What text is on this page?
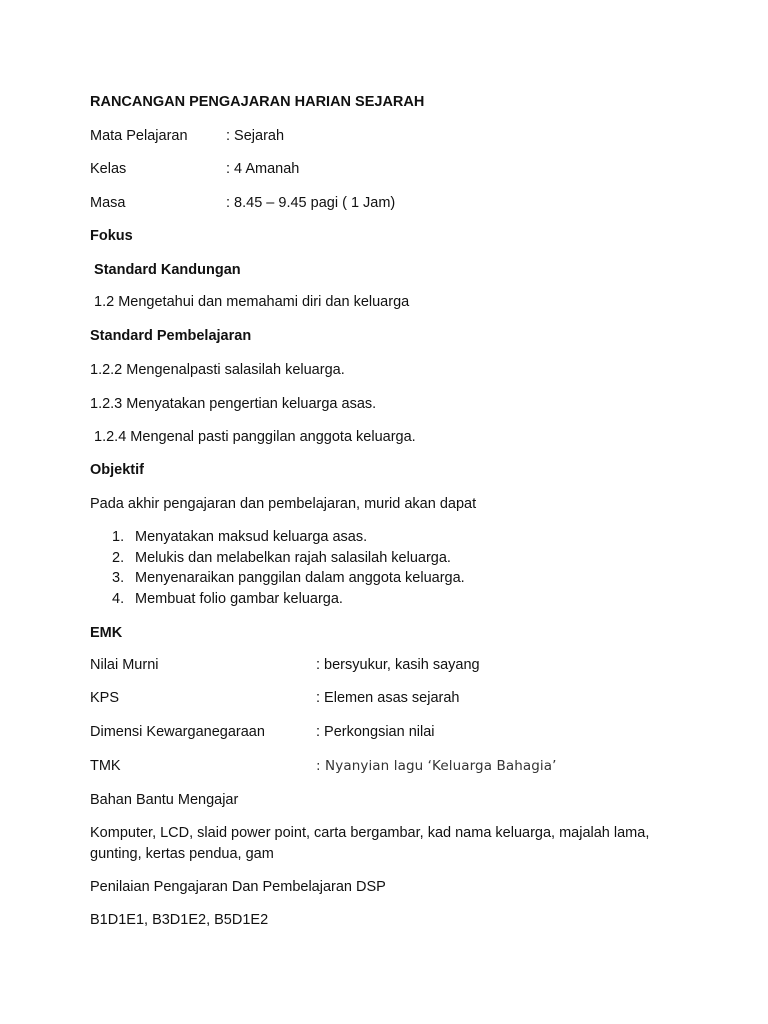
RANCANGAN PENGAJARAN HARIAN SEJARAH
Mata Pelajaran	: Sejarah
Kelas	: 4 Amanah
Masa	: 8.45 – 9.45 pagi ( 1 Jam)
Fokus
Standard Kandungan
1.2 Mengetahui dan memahami diri dan keluarga
Standard Pembelajaran
1.2.2 Mengenalpasti salasilah keluarga.
1.2.3 Menyatakan pengertian keluarga asas.
1.2.4 Mengenal pasti panggilan anggota keluarga.
Objektif
Pada akhir pengajaran dan pembelajaran, murid akan dapat
1. Menyatakan maksud keluarga asas.
2. Melukis dan melabelkan rajah salasilah keluarga.
3. Menyenaraikan panggilan dalam anggota keluarga.
4. Membuat folio gambar keluarga.
EMK
Nilai Murni	: bersyukur, kasih sayang
KPS	: Elemen asas sejarah
Dimensi Kewarganegaraan	: Perkongsian nilai
TMK	: Nyanyian lagu ‘Keluarga Bahagia’
Bahan Bantu Mengajar
Komputer, LCD, slaid power point, carta bergambar, kad nama keluarga, majalah lama, gunting, kertas pendua, gam
Penilaian Pengajaran Dan Pembelajaran DSP
B1D1E1, B3D1E2, B5D1E2
